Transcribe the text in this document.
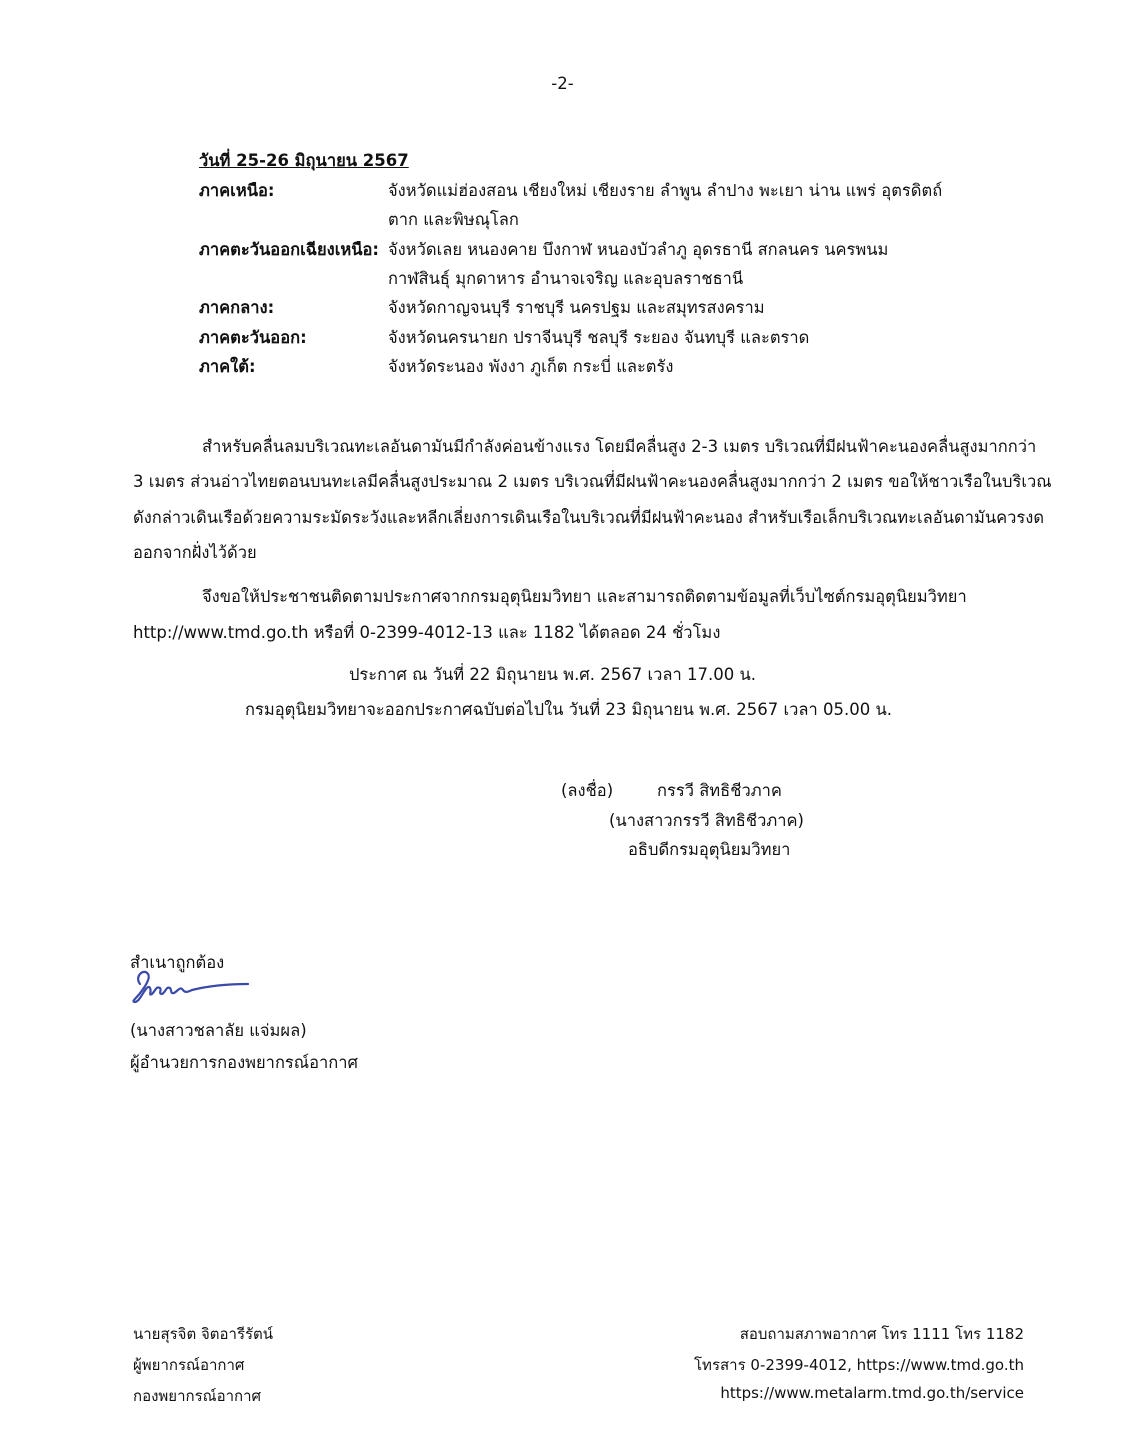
-2-
วันที่ 25-26 มิถุนายน 2567
ภาคเหนือ:	จังหวัดแม่ฮ่องสอน เชียงใหม่ เชียงราย ลำพูน ลำปาง พะเยา น่าน แพร่ อุตรดิตถ์
ตาก และพิษณุโลก
ภาคตะวันออกเฉียงเหนือ: จังหวัดเลย หนองคาย บึงกาฬ หนองบัวลำภู อุดรธานี สกลนคร นครพนม
กาฬสินธุ์ มุกดาหาร อำนาจเจริญ และอุบลราชธานี
ภาคกลาง:	จังหวัดกาญจนบุรี ราชบุรี นครปฐม และสมุทรสงคราม
ภาคตะวันออก:	จังหวัดนครนายก ปราจีนบุรี ชลบุรี ระยอง จันทบุรี และตราด
ภาคใต้:	จังหวัดระนอง พังงา ภูเก็ต กระบี่ และตรัง
สำหรับคลื่นลมบริเวณทะเลอันดามันมีกำลังค่อนข้างแรง โดยมีคลื่นสูง 2-3 เมตร บริเวณที่มีฝนฟ้าคะนองคลื่นสูงมากกว่า
3 เมตร ส่วนอ่าวไทยตอนบนทะเลมีคลื่นสูงประมาณ 2 เมตร บริเวณที่มีฝนฟ้าคะนองคลื่นสูงมากกว่า 2 เมตร ขอให้ชาวเรือในบริเวณ
ดังกล่าวเดินเรือด้วยความระมัดระวังและหลีกเลี่ยงการเดินเรือในบริเวณที่มีฝนฟ้าคะนอง สำหรับเรือเล็กบริเวณทะเลอันดามันควรงด
ออกจากฝั่งไว้ด้วย
จึงขอให้ประชาชนติดตามประกาศจากกรมอุตุนิยมวิทยา และสามารถติดตามข้อมูลที่เว็บไซต์กรมอุตุนิยมวิทยา
http://www.tmd.go.th หรือที่ 0-2399-4012-13 และ 1182 ได้ตลอด 24 ชั่วโมง
ประกาศ ณ วันที่ 22 มิถุนายน พ.ศ. 2567 เวลา 17.00 น.
กรมอุตุนิยมวิทยาจะออกประกาศฉบับต่อไปใน วันที่ 23 มิถุนายน พ.ศ. 2567 เวลา 05.00 น.
(ลงชื่อ)	กรรวี สิทธิชีวภาค
(นางสาวกรรวี สิทธิชีวภาค)
อธิบดีกรมอุตุนิยมวิทยา
สำเนาถูกต้อง
(นางสาวชลาลัย แจ่มผล)
ผู้อำนวยการกองพยากรณ์อากาศ
นายสุรจิต จิตอารีรัตน์
ผู้พยากรณ์อากาศ
กองพยากรณ์อากาศ
สอบถามสภาพอากาศ โทร 1111 โทร 1182
โทรสาร 0-2399-4012, https://www.tmd.go.th
https://www.metalarm.tmd.go.th/service
